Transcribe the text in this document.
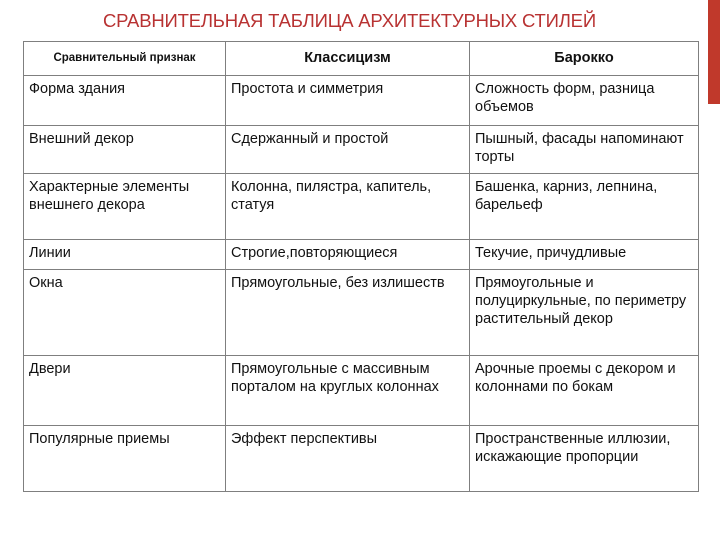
СРАВНИТЕЛЬНАЯ ТАБЛИЦА АРХИТЕКТУРНЫХ СТИЛЕЙ
Сравнительный признак	Классицизм	Барокко
Форма здания	Простота и симметрия	Сложность форм, разница объемов
Внешний декор	Сдержанный и простой	Пышный, фасады напоминают торты
Характерные элементы внешнего декора	Колонна, пилястра, капитель, статуя	Башенка, карниз, лепнина, барельеф
Линии	Строгие,повторяющиеся	Текучие, причудливые
Окна	Прямоугольные, без излишеств	Прямоугольные и полуциркульные, по периметру растительный декор
Двери	Прямоугольные с массивным порталом на круглых колоннах	Арочные проемы с декором и колоннами по бокам
Популярные приемы	Эффект перспективы	Пространственные иллюзии, искажающие пропорции
